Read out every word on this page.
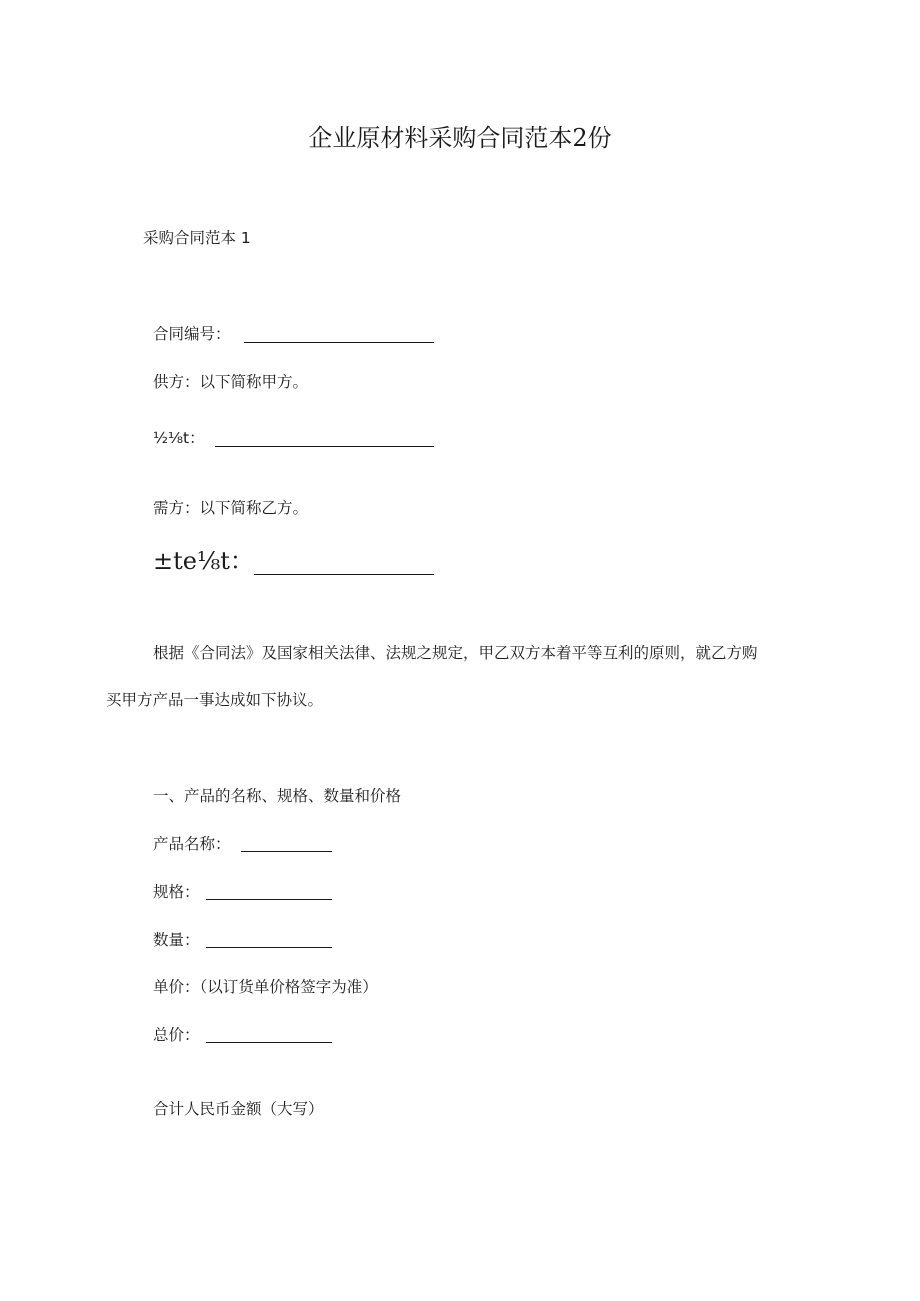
企业原材料采购合同范本2份
采购合同范本 1
合同编号：
供方：以下简称甲方。
½⅛t：
需方：以下简称乙方。
±te⅛t：
根据《合同法》及国家相关法律、法规之规定，甲乙双方本着平等互利的原则，就乙方购
买甲方产品一事达成如下协议。
一、产品的名称、规格、数量和价格
产品名称：
规格：
数量：
单价：（以订货单价格签字为准）
总价：
合计人民币金额（大写）
